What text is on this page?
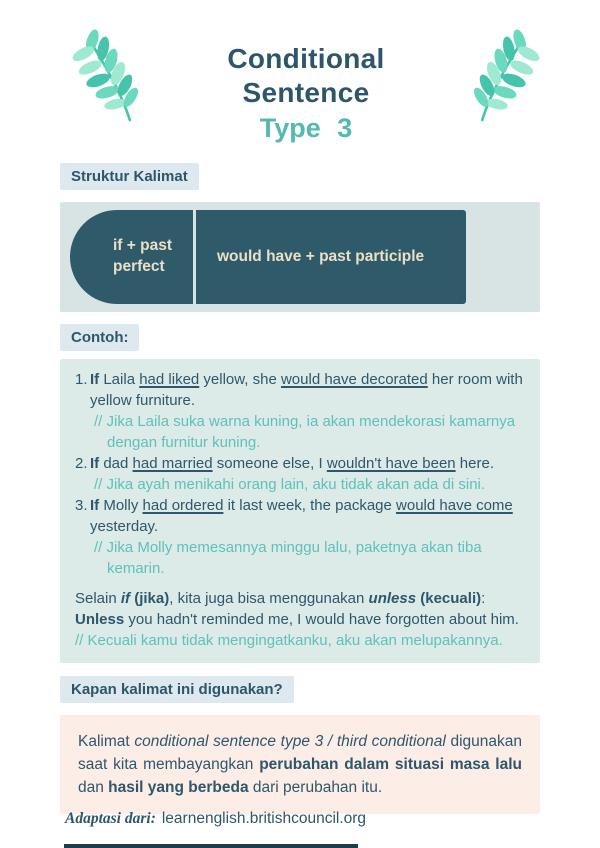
Conditional Sentence
Type 3
Struktur Kalimat
if + past perfect
would have + past participle
Contoh:
1. If Laila had liked yellow, she would have decorated her room with yellow furniture.
// Jika Laila suka warna kuning, ia akan mendekorasi kamarnya dengan furnitur kuning.
2. If dad had married someone else, I wouldn't have been here.
// Jika ayah menikahi orang lain, aku tidak akan ada di sini.
3. If Molly had ordered it last week, the package would have come yesterday.
// Jika Molly memesannya minggu lalu, paketnya akan tiba kemarin.
Selain if (jika), kita juga bisa menggunakan unless (kecuali):
Unless you hadn't reminded me, I would have forgotten about him.
// Kecuali kamu tidak mengingatkanku, aku akan melupakannya.
Kapan kalimat ini digunakan?
Kalimat conditional sentence type 3 / third conditional digunakan saat kita membayangkan perubahan dalam situasi masa lalu dan hasil yang berbeda dari perubahan itu.
Adaptasi dari: learnenglish.britishcouncil.org
